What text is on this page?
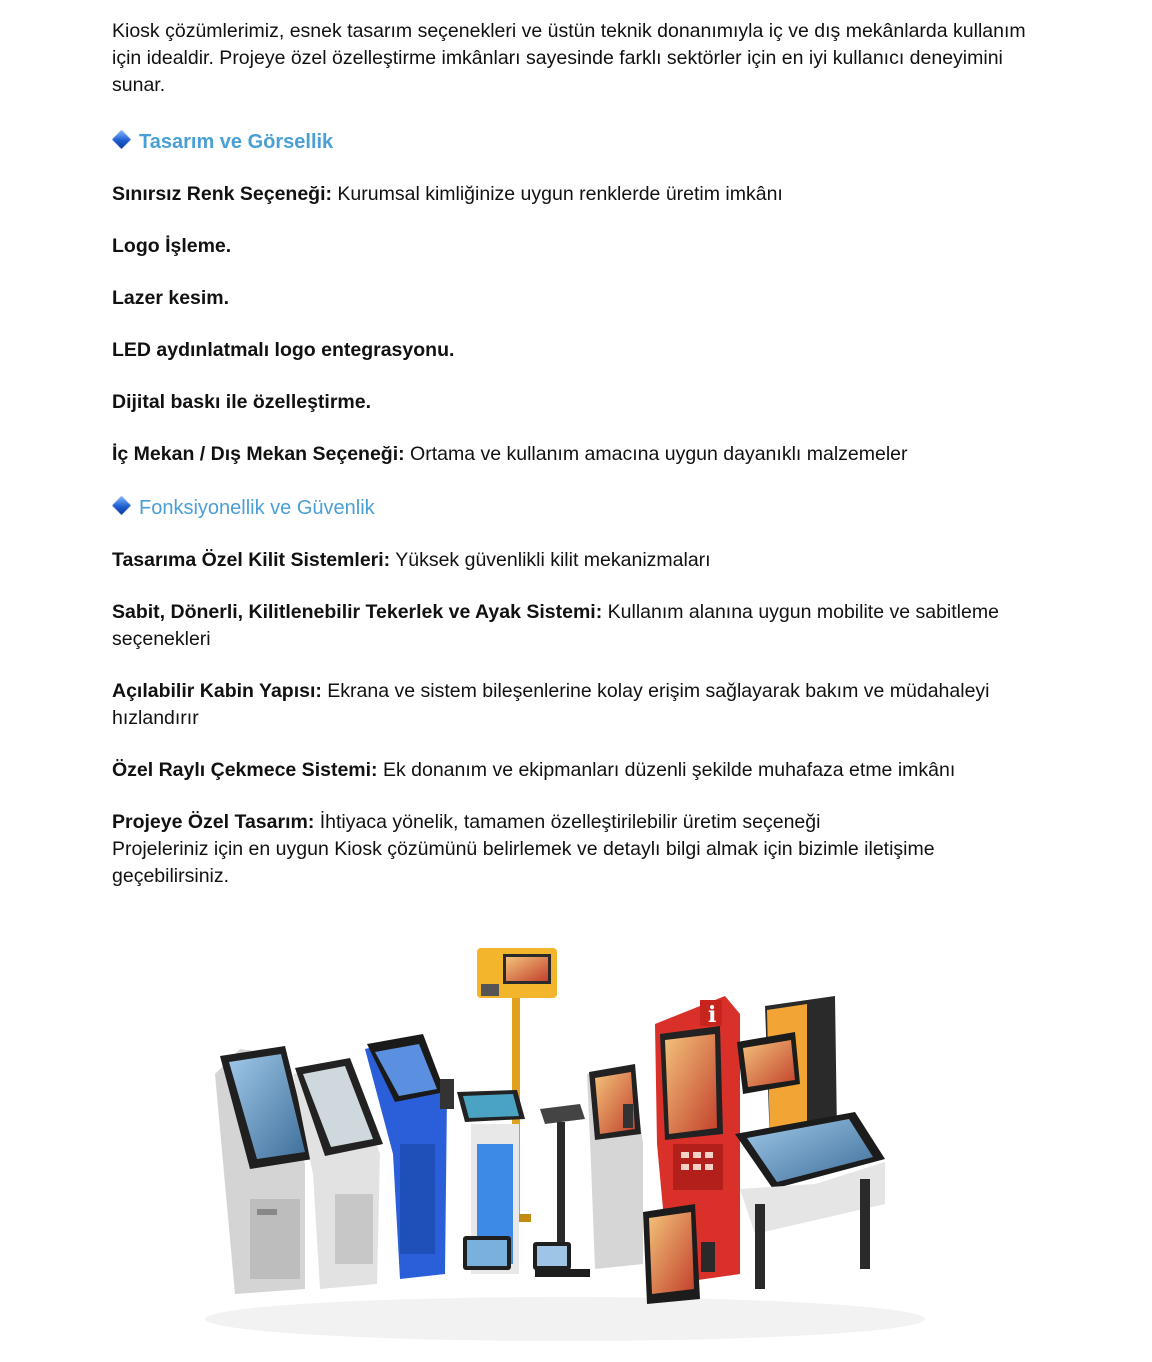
Kiosk çözümlerimiz, esnek tasarım seçenekleri ve üstün teknik donanımıyla iç ve dış mekânlarda kullanım için idealdir. Projeye özel özelleştirme imkânları sayesinde farklı sektörler için en iyi kullanıcı deneyimini sunar.

Tasarım ve Görsellik

Sınırsız Renk Seçeneği: Kurumsal kimliğinize uygun renklerde üretim imkânı

Logo İşleme.

Lazer kesim.

LED aydınlatmalı logo entegrasyonu.

Dijital baskı ile özelleştirme.

İç Mekan / Dış Mekan Seçeneği: Ortama ve kullanım amacına uygun dayanıklı malzemeler

Fonksiyonellik ve Güvenlik

Tasarıma Özel Kilit Sistemleri: Yüksek güvenlikli kilit mekanizmaları

Sabit, Dönerli, Kilitlenebilir Tekerlek ve Ayak Sistemi: Kullanım alanına uygun mobilite ve sabitleme seçenekleri

Açılabilir Kabin Yapısı: Ekrana ve sistem bileşenlerine kolay erişim sağlayarak bakım ve müdahaleyi hızlandırır

Özel Raylı Çekmece Sistemi: Ek donanım ve ekipmanları düzenli şekilde muhafaza etme imkânı

Projeye Özel Tasarım: İhtiyaca yönelik, tamamen özelleştirilebilir üretim seçeneği

Projeleriniz için en uygun Kiosk çözümünü belirlemek ve detaylı bilgi almak için bizimle iletişime geçebilirsiniz.

i
